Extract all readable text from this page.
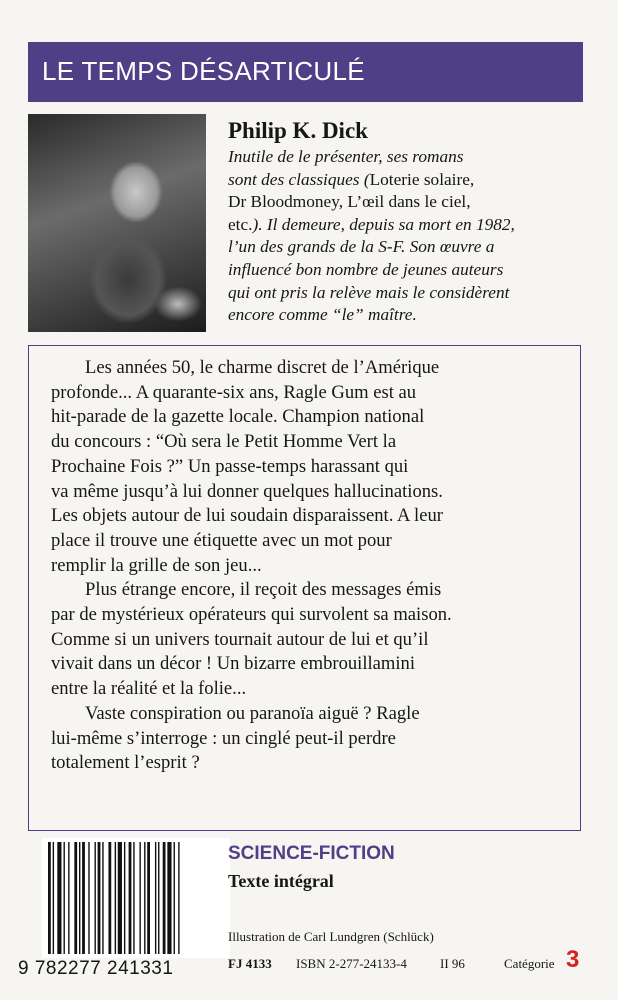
LE TEMPS DÉSARTICULÉ
Philip K. Dick
Inutile de le présenter, ses romans
sont des classiques (Loterie solaire,
Dr Bloodmoney, L’œil dans le ciel,
etc.). Il demeure, depuis sa mort en 1982,
l’un des grands de la S-F. Son œuvre a
influencé bon nombre de jeunes auteurs
qui ont pris la relève mais le considèrent
encore comme “le” maître.
Les années 50, le charme discret de l’Amérique
profonde... A quarante-six ans, Ragle Gum est au
hit-parade de la gazette locale. Champion national
du concours : “Où sera le Petit Homme Vert la
Prochaine Fois ?” Un passe-temps harassant qui
va même jusqu’à lui donner quelques hallucinations.
Les objets autour de lui soudain disparaissent. A leur
place il trouve une étiquette avec un mot pour
remplir la grille de son jeu...
Plus étrange encore, il reçoit des messages émis
par de mystérieux opérateurs qui survolent sa maison.
Comme si un univers tournait autour de lui et qu’il
vivait dans un décor ! Un bizarre embrouillamini
entre la réalité et la folie...
Vaste conspiration ou paranoïa aiguë ? Ragle
lui-même s’interroge : un cinglé peut-il perdre
totalement l’esprit ?
9 782277 241331
SCIENCE-FICTION
Texte intégral
Illustration de Carl Lundgren (Schlück)
FJ 4133 ISBN 2-277-24133-4	II 96	Catégorie 3
